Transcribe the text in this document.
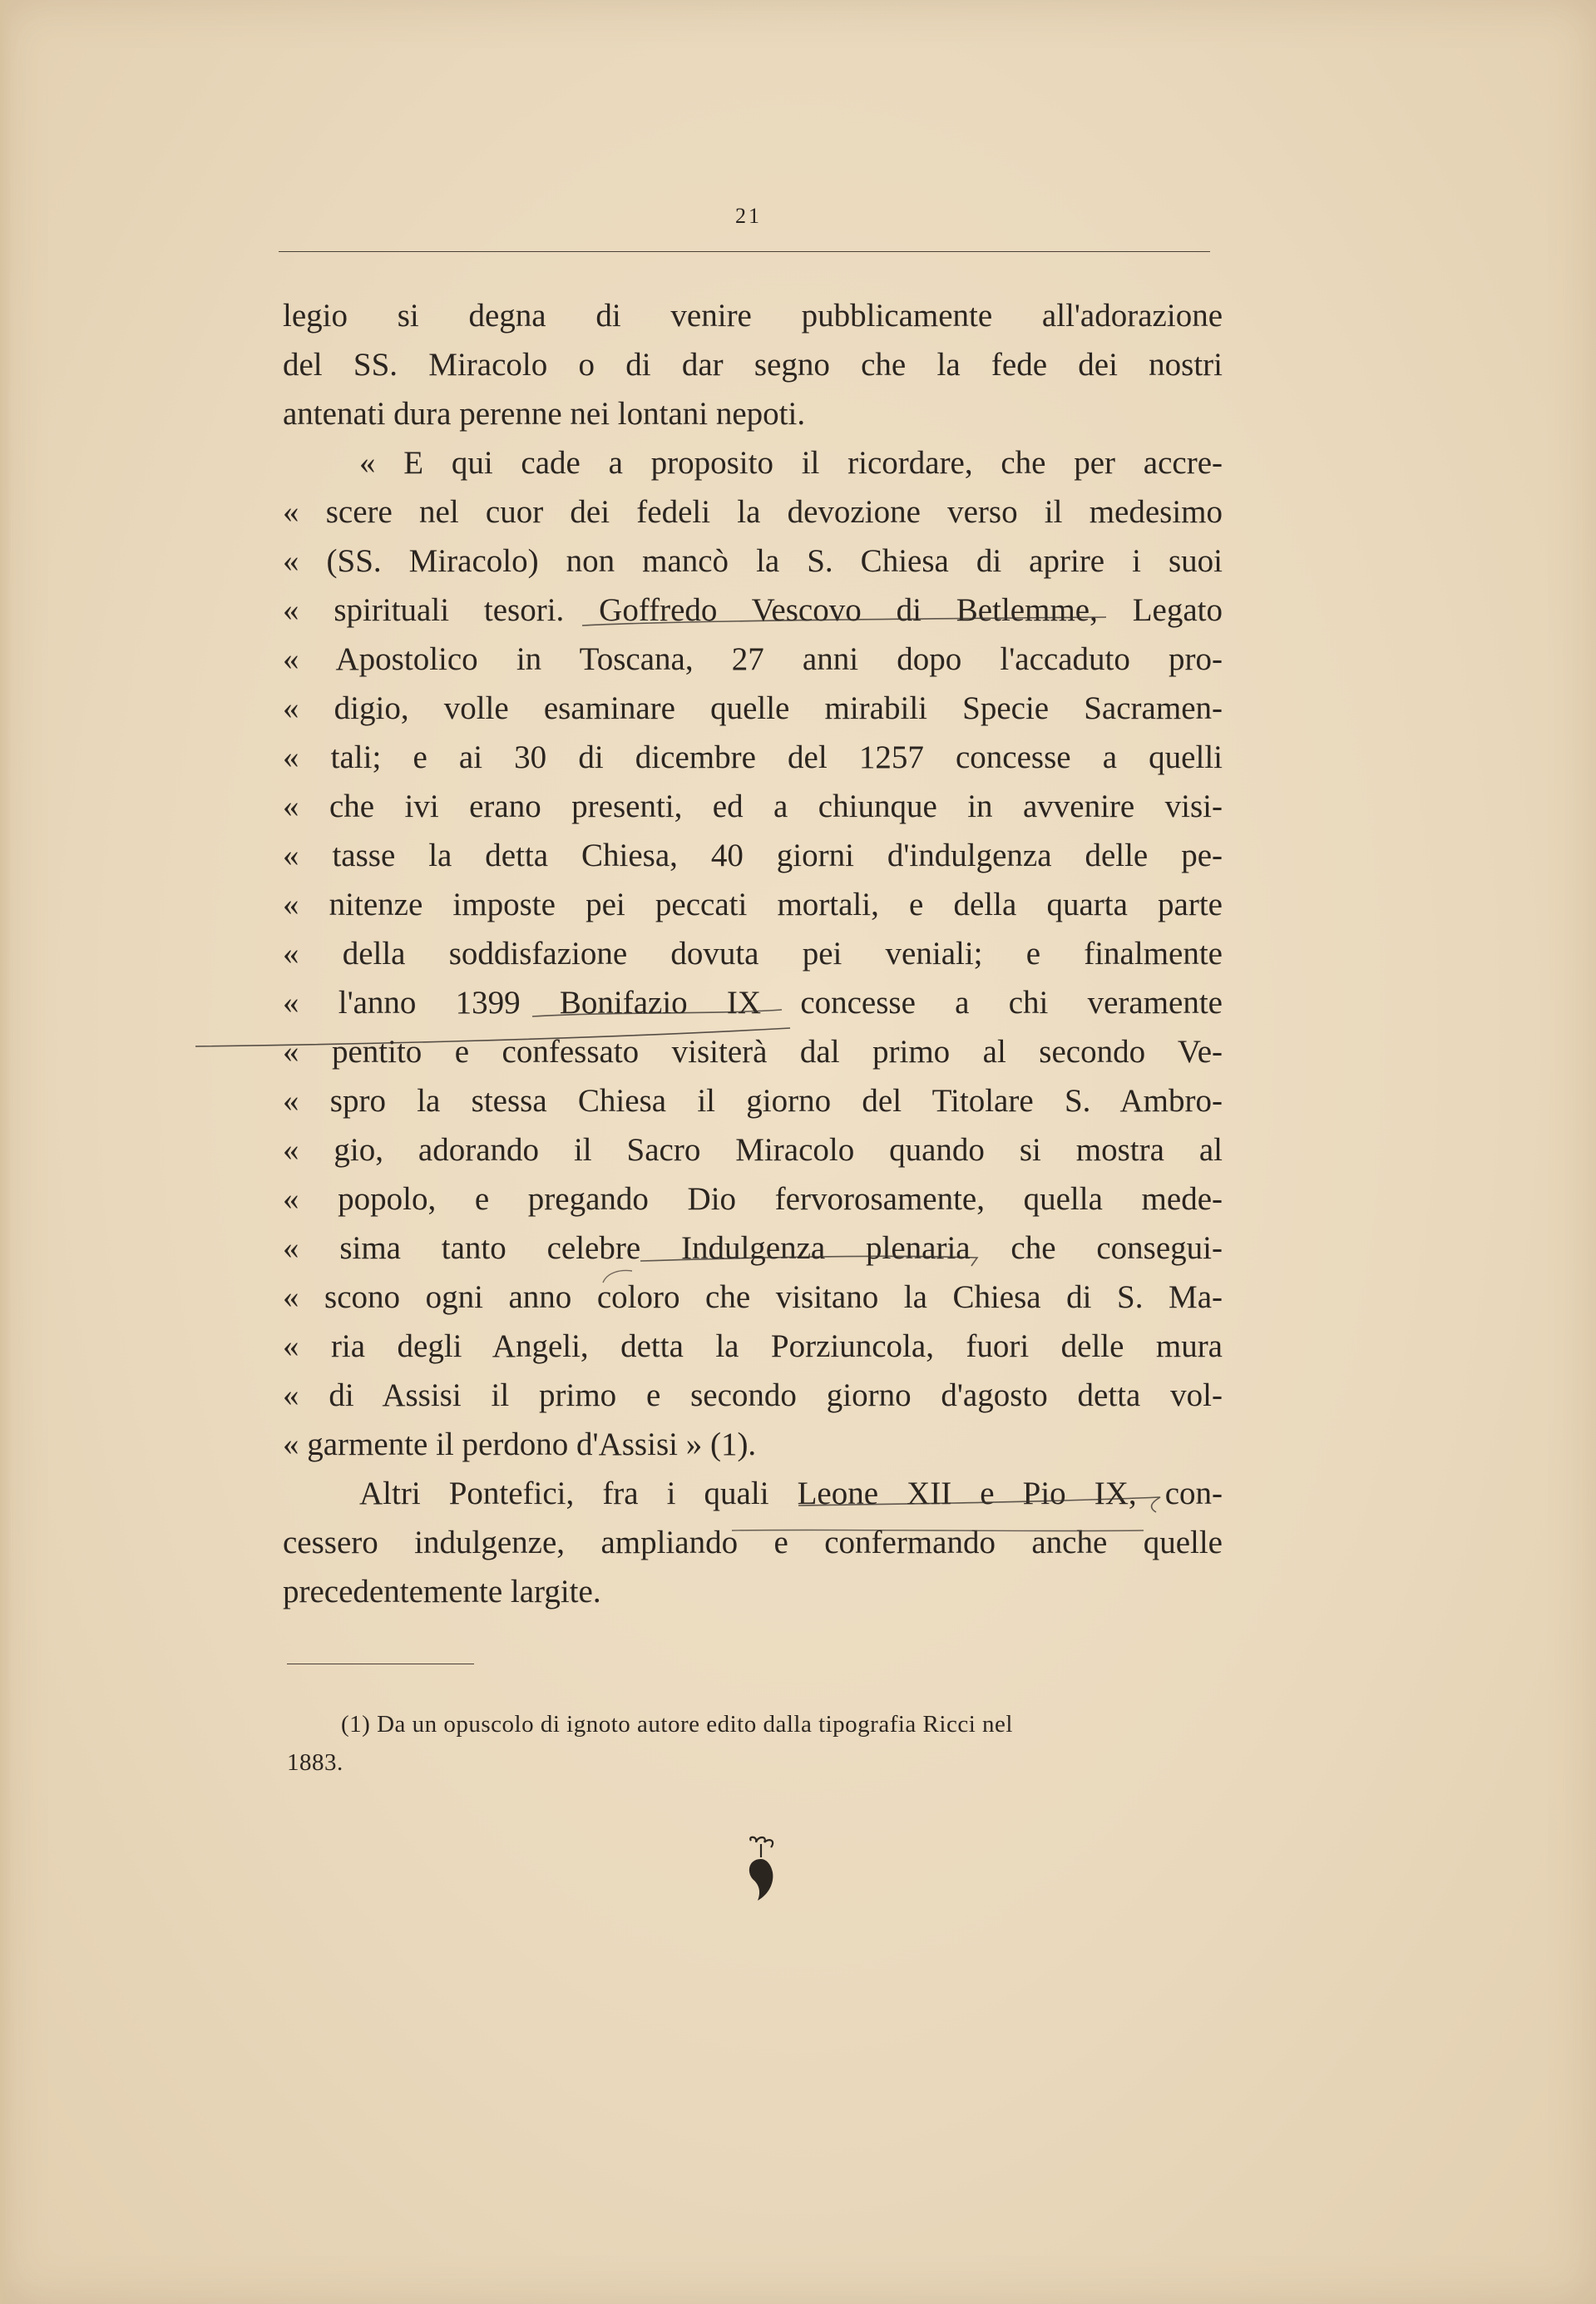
21
legio si degna di venire pubblicamente all'adorazione
del SS. Miracolo o di dar segno che la fede dei nostri
antenati dura perenne nei lontani nepoti.
« E qui cade a proposito il ricordare, che per accre-
« scere nel cuor dei fedeli la devozione verso il medesimo
« (SS. Miracolo) non mancò la S. Chiesa di aprire i suoi
« spirituali tesori. Goffredo Vescovo di Betlemme, Legato
« Apostolico in Toscana, 27 anni dopo l'accaduto pro-
« digio, volle esaminare quelle mirabili Specie Sacramen-
« tali; e ai 30 di dicembre del 1257 concesse a quelli
« che ivi erano presenti, ed a chiunque in avvenire visi-
« tasse la detta Chiesa, 40 giorni d'indulgenza delle pe-
« nitenze imposte pei peccati mortali, e della quarta parte
« della soddisfazione dovuta pei veniali; e finalmente
« l'anno 1399 Bonifazio IX concesse a chi veramente
« pentito e confessato visiterà dal primo al secondo Ve-
« spro la stessa Chiesa il giorno del Titolare S. Ambro-
« gio, adorando il Sacro Miracolo quando si mostra al
« popolo, e pregando Dio fervorosamente, quella mede-
« sima tanto celebre Indulgenza plenaria che consegui-
« scono ogni anno coloro che visitano la Chiesa di S. Ma-
« ria degli Angeli, detta la Porziuncola, fuori delle mura
« di Assisi il primo e secondo giorno d'agosto detta vol-
« garmente il perdono d'Assisi » (1).
Altri Pontefici, fra i quali Leone XII e Pio IX, con-
cessero indulgenze, ampliando e confermando anche quelle
precedentemente largite.
(1) Da un opuscolo di ignoto autore edito dalla tipografia Ricci nel
1883.
